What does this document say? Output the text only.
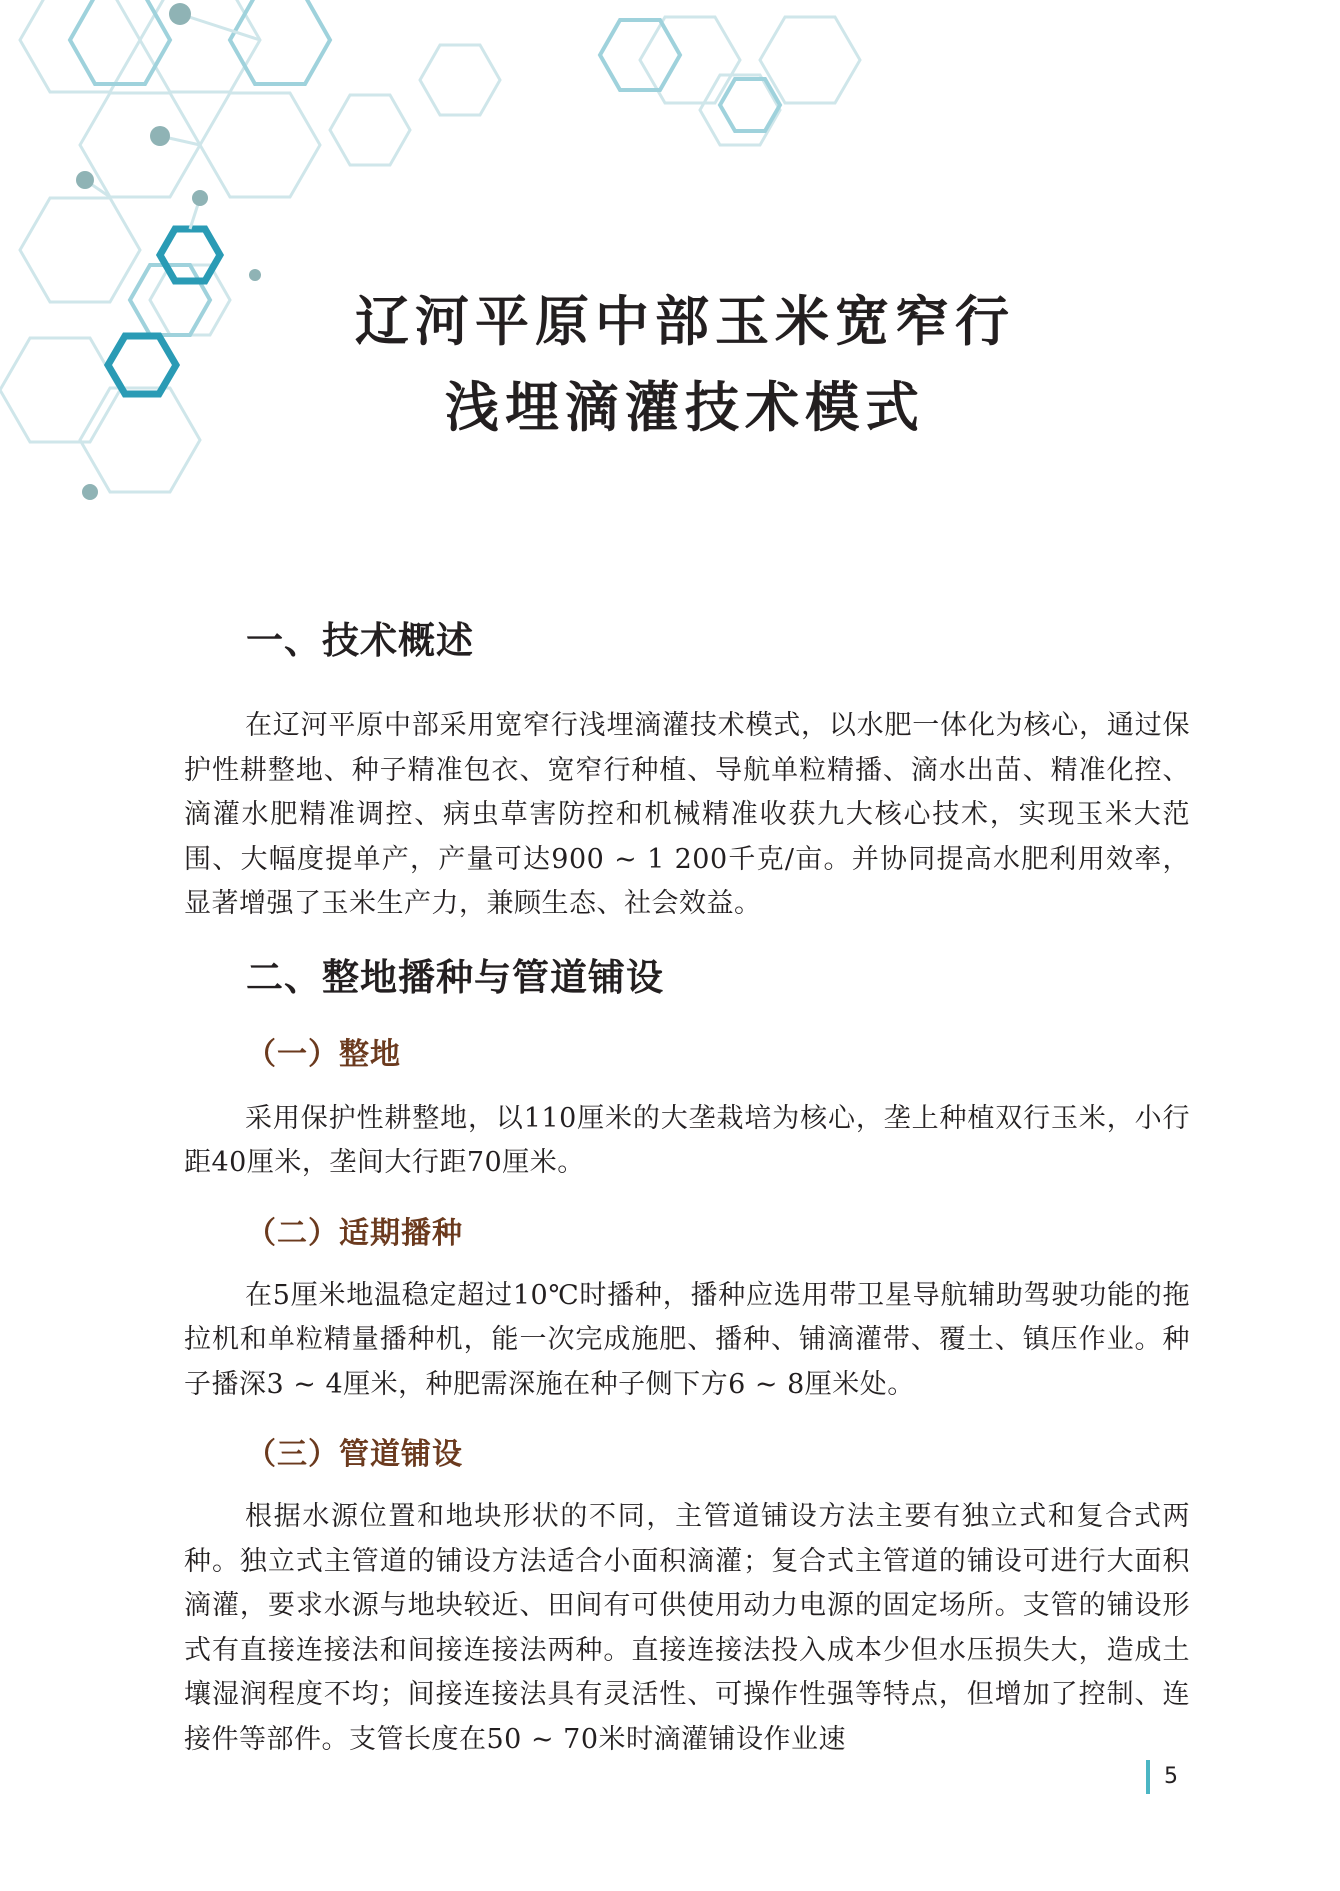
辽河平原中部玉米宽窄行
浅埋滴灌技术模式
一、技术概述

在辽河平原中部采用宽窄行浅埋滴灌技术模式，以水肥一体化为核心，通过保护性耕整地、种子精准包衣、宽窄行种植、导航单粒精播、滴水出苗、精准化控、滴灌水肥精准调控、病虫草害防控和机械精准收获九大核心技术，实现玉米大范围、大幅度提单产，产量可达900 ~ 1 200千克/亩。并协同提高水肥利用效率，显著增强了玉米生产力，兼顾生态、社会效益。

二、整地播种与管道铺设
（一）整地

采用保护性耕整地，以110厘米的大垄栽培为核心，垄上种植双行玉米，小行距40厘米，垄间大行距70厘米。

（二）适期播种

在5厘米地温稳定超过10℃时播种，播种应选用带卫星导航辅助驾驶功能的拖拉机和单粒精量播种机，能一次完成施肥、播种、铺滴灌带、覆土、镇压作业。种子播深3 ~ 4厘米，种肥需深施在种子侧下方6 ~ 8厘米处。

（三）管道铺设

根据水源位置和地块形状的不同，主管道铺设方法主要有独立式和复合式两种。独立式主管道的铺设方法适合小面积滴灌；复合式主管道的铺设可进行大面积滴灌，要求水源与地块较近、田间有可供使用动力电源的固定场所。支管的铺设形式有直接连接法和间接连接法两种。直接连接法投入成本少但水压损失大，造成土壤湿润程度不均；间接连接法具有灵活性、可操作性强等特点，但增加了控制、连接件等部件。支管长度在50 ~ 70米时滴灌铺设作业速

5
